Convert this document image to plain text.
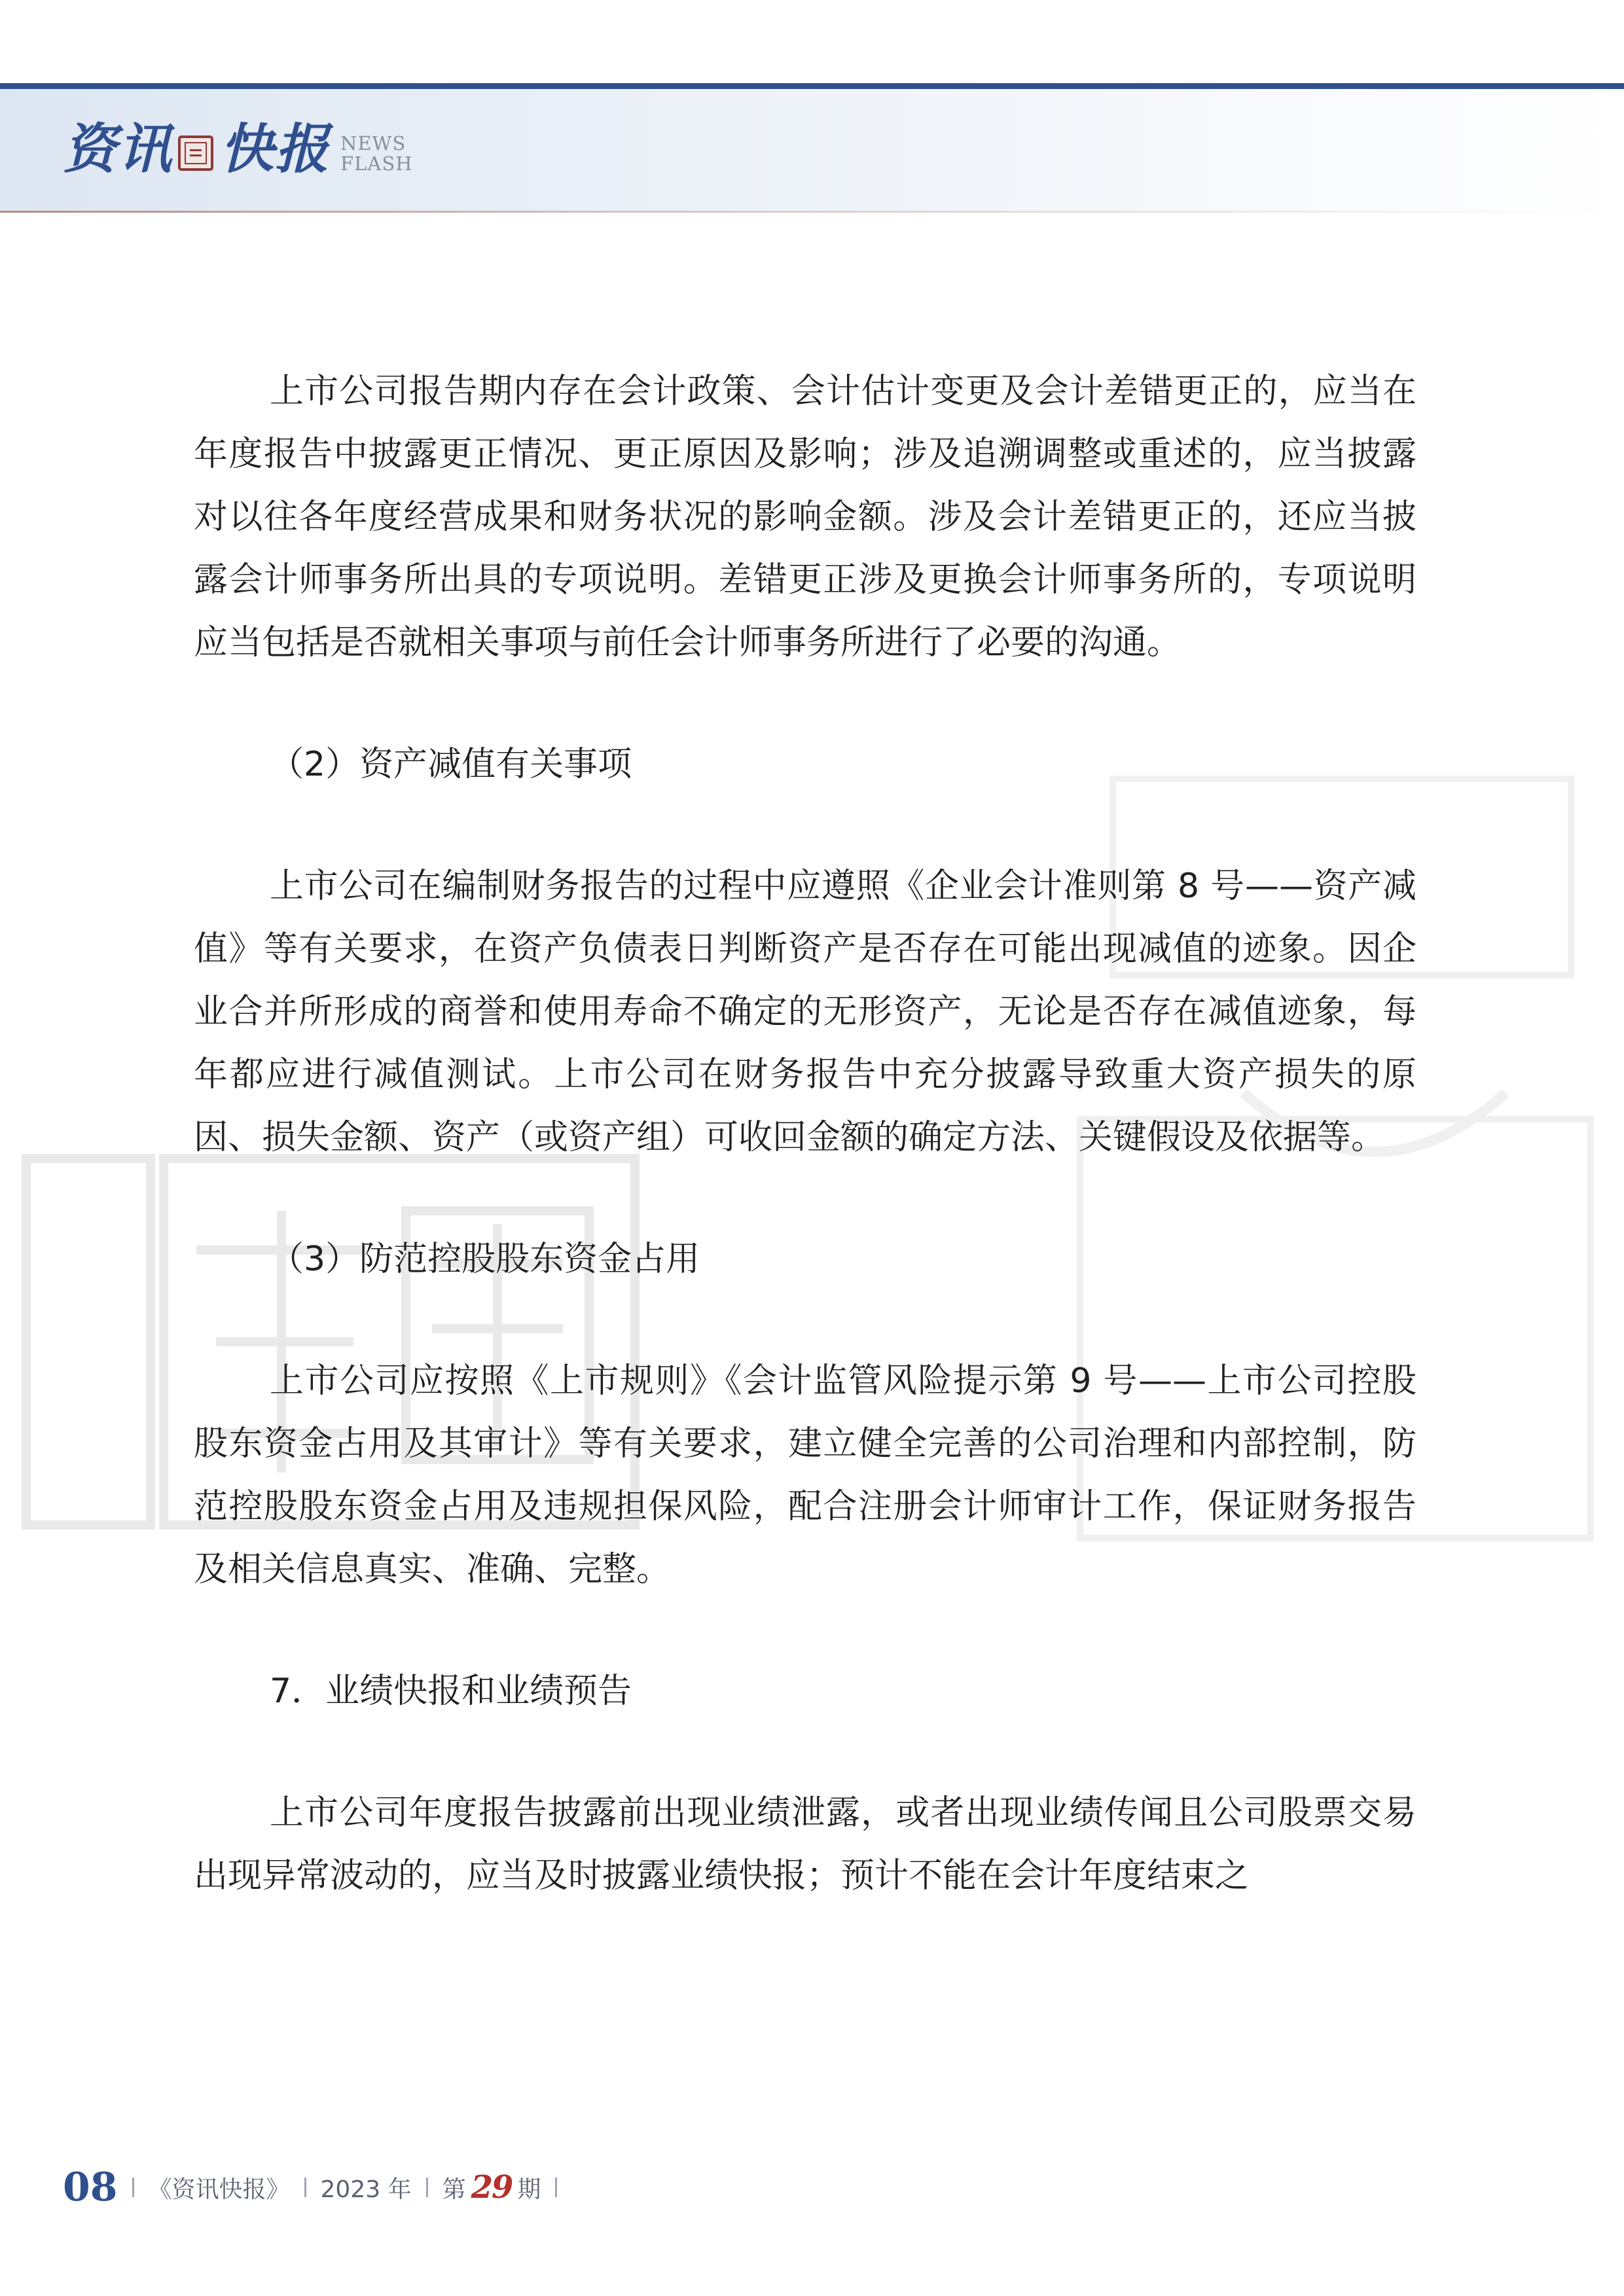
资讯 快报 NEWS
FLASH

上市公司报告期内存在会计政策、会计估计变更及会计差错更正的，应当在年度报告中披露更正情况、更正原因及影响；涉及追溯调整或重述的，应当披露对以往各年度经营成果和财务状况的影响金额。涉及会计差错更正的，还应当披露会计师事务所出具的专项说明。差错更正涉及更换会计师事务所的，专项说明应当包括是否就相关事项与前任会计师事务所进行了必要的沟通。

（2）资产减值有关事项

上市公司在编制财务报告的过程中应遵照《企业会计准则第 8 号——资产减值》等有关要求，在资产负债表日判断资产是否存在可能出现减值的迹象。因企业合并所形成的商誉和使用寿命不确定的无形资产，无论是否存在减值迹象，每年都应进行减值测试。上市公司在财务报告中充分披露导致重大资产损失的原因、损失金额、资产（或资产组）可收回金额的确定方法、关键假设及依据等。

（3）防范控股股东资金占用

上市公司应按照《上市规则》《会计监管风险提示第 9 号——上市公司控股股东资金占用及其审计》等有关要求，建立健全完善的公司治理和内部控制，防范控股股东资金占用及违规担保风险，配合注册会计师审计工作，保证财务报告及相关信息真实、准确、完整。

7．业绩快报和业绩预告

上市公司年度报告披露前出现业绩泄露，或者出现业绩传闻且公司股票交易出现异常波动的，应当及时披露业绩快报；预计不能在会计年度结束之

08 《资讯快报》 2023 年 第 29 期
